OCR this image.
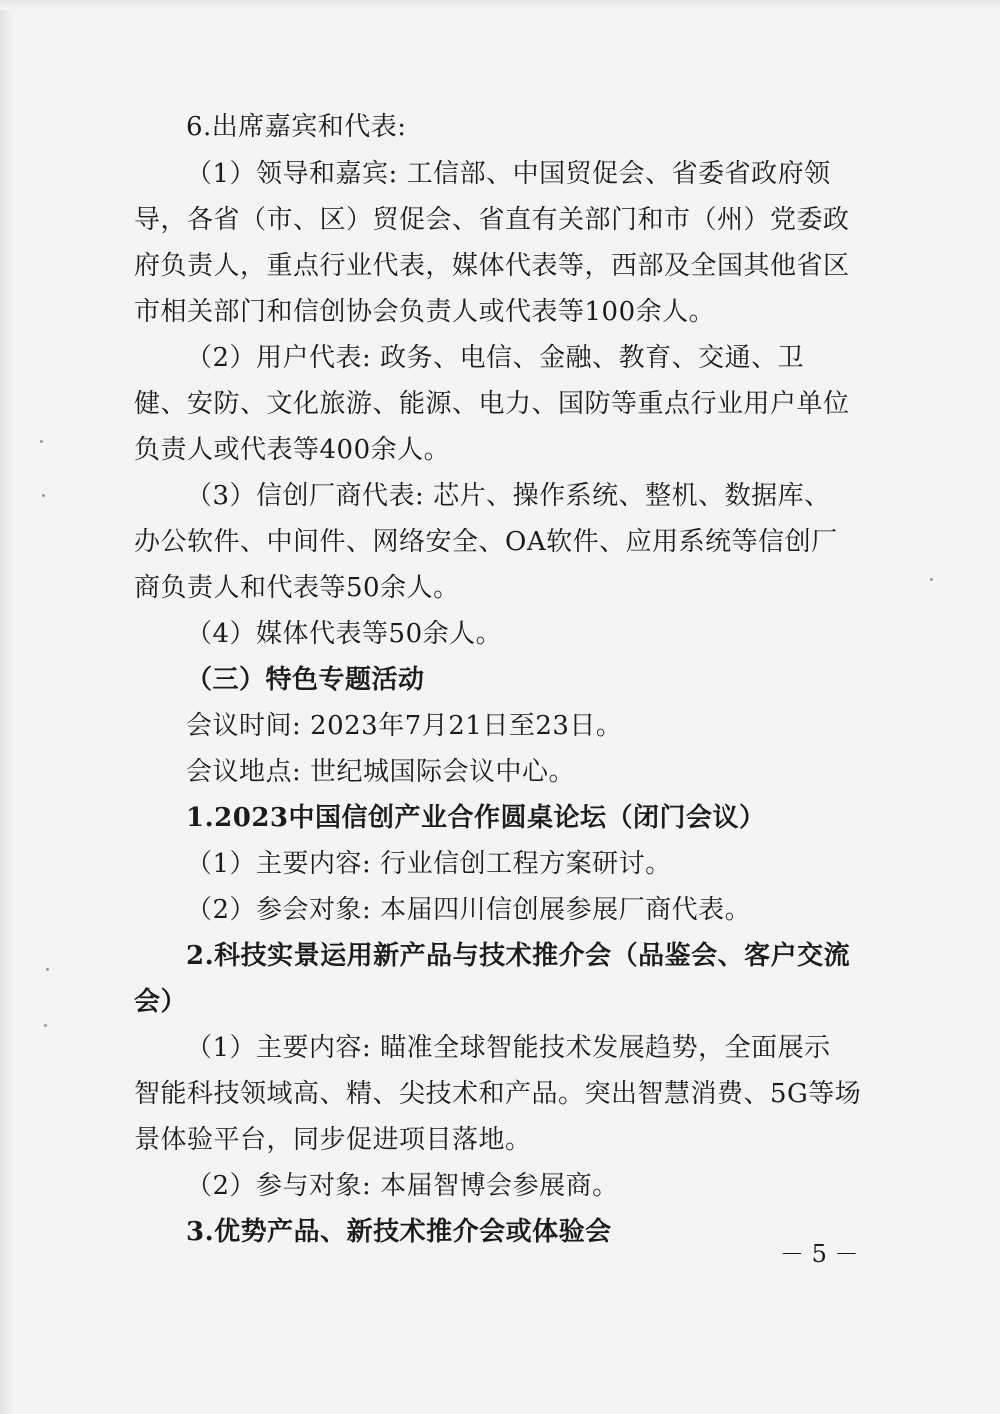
6.出席嘉宾和代表:
（1）领导和嘉宾: 工信部、中国贸促会、省委省政府领
导，各省（市、区）贸促会、省直有关部门和市（州）党委政
府负责人，重点行业代表，媒体代表等，西部及全国其他省区
市相关部门和信创协会负责人或代表等100余人。
（2）用户代表: 政务、电信、金融、教育、交通、卫
健、安防、文化旅游、能源、电力、国防等重点行业用户单位
负责人或代表等400余人。
（3）信创厂商代表: 芯片、操作系统、整机、数据库、
办公软件、中间件、网络安全、OA软件、应用系统等信创厂
商负责人和代表等50余人。
（4）媒体代表等50余人。
（三）特色专题活动
会议时间: 2023年7月21日至23日。
会议地点: 世纪城国际会议中心。
1.2023中国信创产业合作圆桌论坛（闭门会议）
（1）主要内容: 行业信创工程方案研讨。
（2）参会对象: 本届四川信创展参展厂商代表。
2.科技实景运用新产品与技术推介会（品鉴会、客户交流
会）
（1）主要内容: 瞄准全球智能技术发展趋势，全面展示
智能科技领域高、精、尖技术和产品。突出智慧消费、5G等场
景体验平台，同步促进项目落地。
（2）参与对象: 本届智博会参展商。
3.优势产品、新技术推介会或体验会
－ 5 －
